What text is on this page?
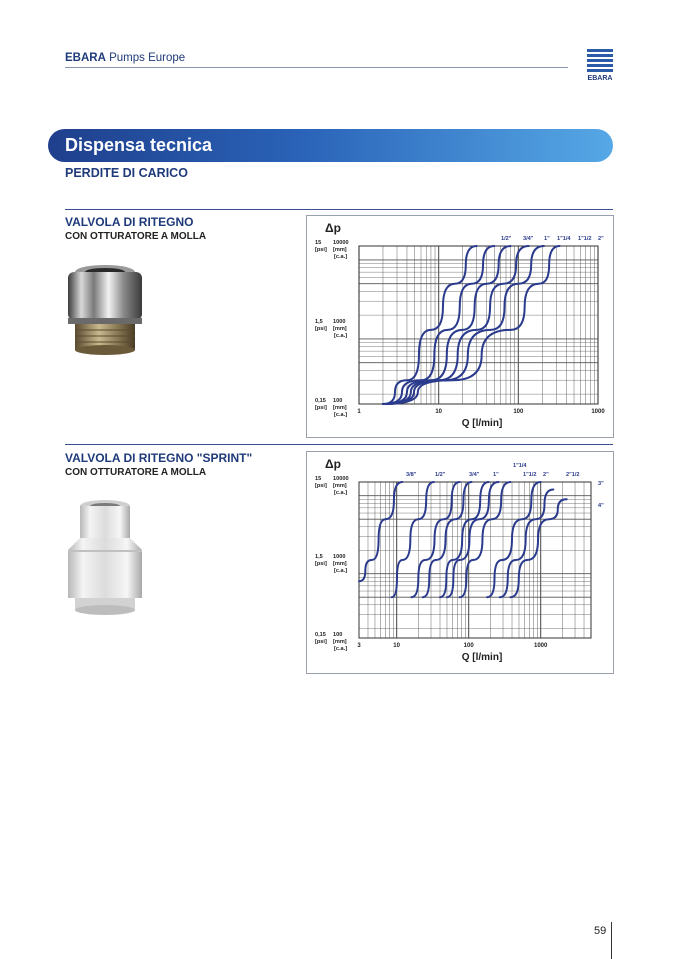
EBARA Pumps Europe
EBARA
Dispensa tecnica
PERDITE DI CARICO
VALVOLA DI RITEGNO
CON OTTURATORE A MOLLA
Δp
15 10000
[psi] [mm]
[c.a.]
1,5 1000
[psi] [mm]
[c.a.]
0,15 100
[psi] [mm]
[c.a.] 1	10	100	1000
Q [l/min]
1/2" 3/4" 1" 1"1/4 1"1/2 2"
VALVOLA DI RITEGNO "SPRINT"
CON OTTURATORE A MOLLA
Δp
15 10000
[psi] [mm]
[c.a.]
1,5 1000
[psi] [mm]
[c.a.]
0,15 100
[psi] [mm]
[c.a.] 3	10	100	1000
Q [l/min]
3/8"	1/2"	3/4" 1"
1"1/4
1"1/2 2"	2"1/2
3"
4"
59
